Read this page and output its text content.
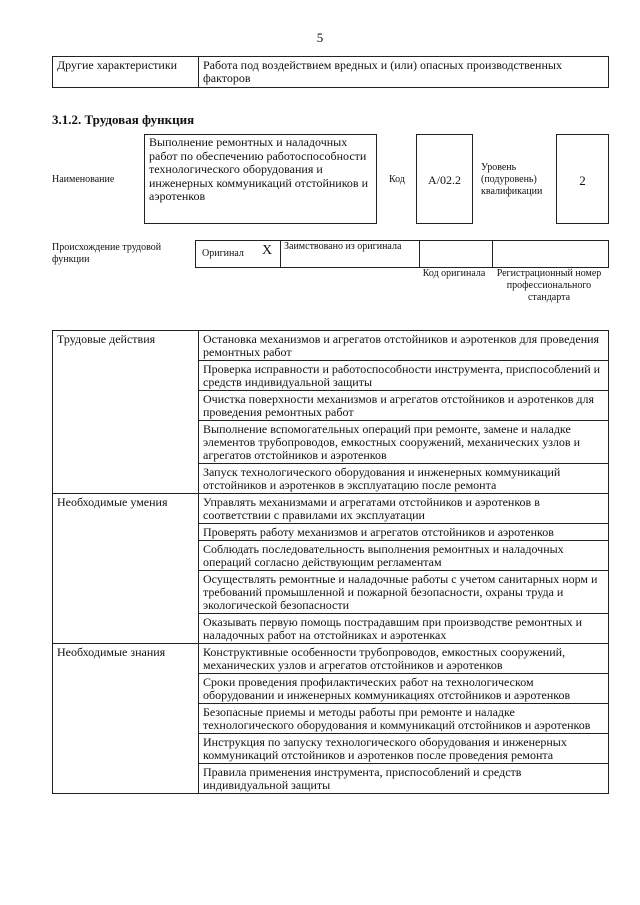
5
Другие характеристики	Работа под воздействием вредных и (или) опасных производственных факторов
3.1.2. Трудовая функция
Наименование
Выполнение ремонтных и наладочных работ по обеспечению работоспособности технологического оборудования и инженерных коммуникаций отстойников и аэротенков
Код	А/02.2
Уровень (подуровень) квалификации
2
Происхождение трудовой функции
Оригинал X	Заимствовано из оригинала		
Код оригинала	Регистрационный номер профессионального стандарта
Трудовые действия	Остановка механизмов и агрегатов отстойников и аэротенков для проведения ремонтных работ
	Проверка исправности и работоспособности инструмента, приспособлений и средств индивидуальной защиты
	Очистка поверхности механизмов и агрегатов отстойников и аэротенков для проведения ремонтных работ
	Выполнение вспомогательных операций при ремонте, замене и наладке элементов трубопроводов, емкостных сооружений, механических узлов и агрегатов отстойников и аэротенков
	Запуск технологического оборудования и инженерных коммуникаций отстойников и аэротенков в эксплуатацию после ремонта
Необходимые умения	Управлять механизмами и агрегатами отстойников и аэротенков в соответствии с правилами их эксплуатации
	Проверять работу механизмов и агрегатов отстойников и аэротенков
	Соблюдать последовательность выполнения ремонтных и наладочных операций согласно действующим регламентам
	Осуществлять ремонтные и наладочные работы с учетом санитарных норм и требований промышленной и пожарной безопасности, охраны труда и экологической безопасности
	Оказывать первую помощь пострадавшим при производстве ремонтных и наладочных работ на отстойниках и аэротенках
Необходимые знания	Конструктивные особенности трубопроводов, емкостных сооружений, механических узлов и агрегатов отстойников и аэротенков
	Сроки проведения профилактических работ на технологическом оборудовании и инженерных коммуникациях отстойников и аэротенков
	Безопасные приемы и методы работы при ремонте и наладке технологического оборудования и коммуникаций отстойников и аэротенков
	Инструкция по запуску технологического оборудования и инженерных коммуникаций отстойников и аэротенков после проведения ремонта
	Правила применения инструмента, приспособлений и средств индивидуальной защиты
